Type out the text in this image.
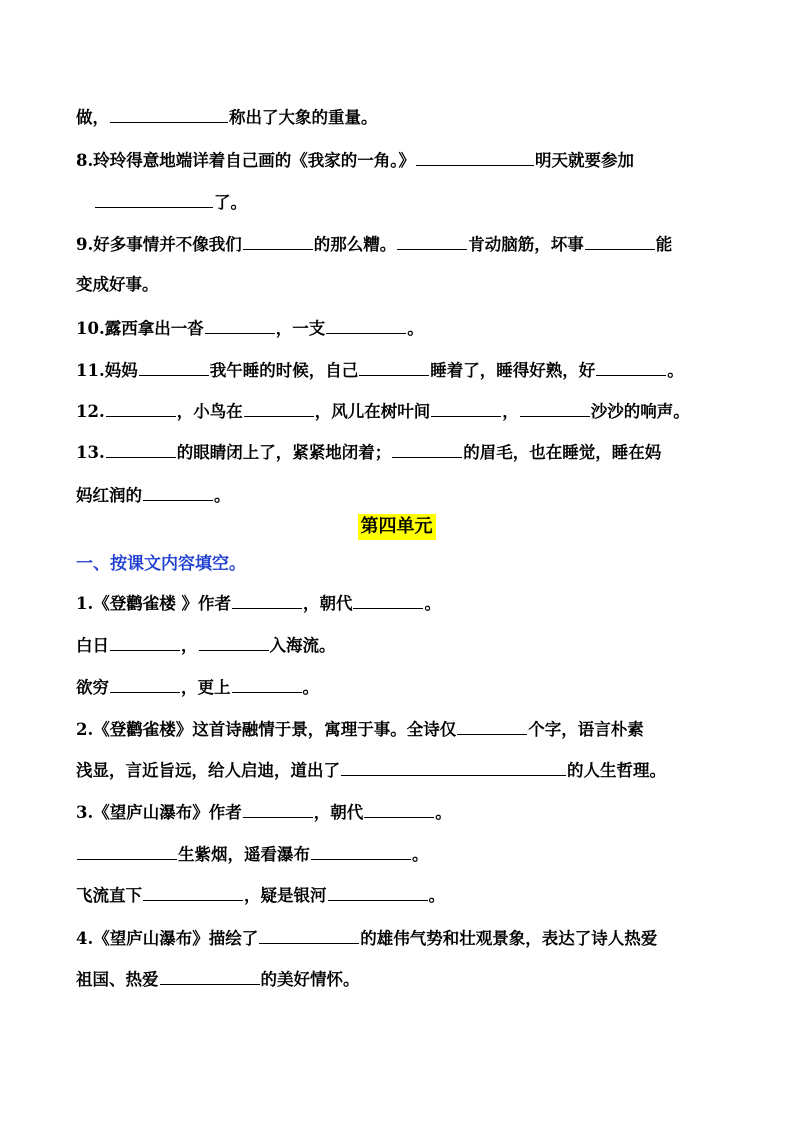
做，	称出了大象的重量。
8.玲玲得意地端详着自己画的《我家的一角。》	明天就要参加
了。
9.好多事情并不像我们	的那么糟。	肯动脑筋，坏事	能
变成好事。
10.露西拿出一沓	，一支	。
11.妈妈	我午睡的时候，自己	睡着了，睡得好熟，好	。
12.	，小鸟在	，风儿在树叶间	，	沙沙的响声。
13.	的眼睛闭上了，紧紧地闭着；	的眉毛，也在睡觉，睡在妈
妈红润的	。
第四单元
一、按课文内容填空。
1.《登鹳雀楼 》作者	，朝代	。
白日	，	入海流。
欲穷	，更上	。
2.《登鹳雀楼》这首诗融情于景，寓理于事。全诗仅	个字，语言朴素
浅显，言近旨远，给人启迪，道出了	的人生哲理。
3.《望庐山瀑布》作者	，朝代	。
生紫烟，遥看瀑布	。
飞流直下	，疑是银河	。
4.《望庐山瀑布》描绘了	的雄伟气势和壮观景象，表达了诗人热爱
祖国、热爱	的美好情怀。
